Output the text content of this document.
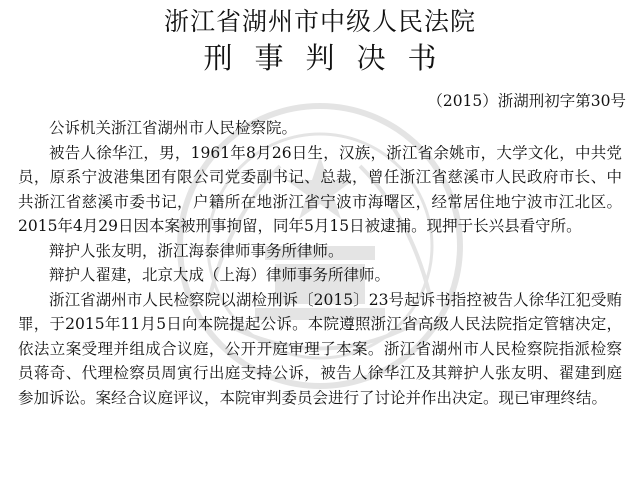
浙江省湖州市中级人民法院
刑事判决书
（2015）浙湖刑初字第30号

公诉机关浙江省湖州市人民检察院。

被告人徐华江，男，1961年8月26日生，汉族，浙江省余姚市，大学文化，中共党员，原系宁波港集团有限公司党委副书记、总裁，曾任浙江省慈溪市人民政府市长、中共浙江省慈溪市委书记，户籍所在地浙江省宁波市海曙区，经常居住地宁波市江北区。2015年4月29日因本案被刑事拘留，同年5月15日被逮捕。现押于长兴县看守所。

辩护人张友明，浙江海泰律师事务所律师。

辩护人翟建，北京大成（上海）律师事务所律师。

浙江省湖州市人民检察院以湖检刑诉〔2015〕23号起诉书指控被告人徐华江犯受贿罪，于2015年11月5日向本院提起公诉。本院遵照浙江省高级人民法院指定管辖决定，依法立案受理并组成合议庭，公开开庭审理了本案。浙江省湖州市人民检察院指派检察员蒋奇、代理检察员周寅行出庭支持公诉，被告人徐华江及其辩护人张友明、翟建到庭参加诉讼。案经合议庭评议，本院审判委员会进行了讨论并作出决定。现已审理终结。
